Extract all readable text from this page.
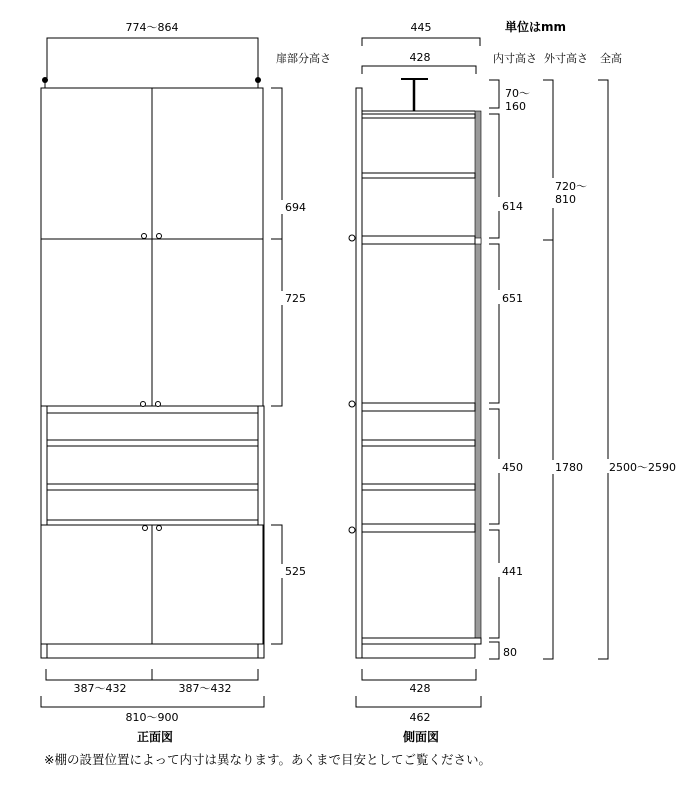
774〜864
扉部分高さ
694
725
525
387〜432	387〜432
810〜900
正面図
445
428	内寸高さ 外寸高さ 全高
単位はmm
614
651
450
441
80
70〜 160
720〜 810
1780 2500〜2590
428
462
側面図
※棚の設置位置によって内寸は異なります。あくまで目安としてご覧ください。
